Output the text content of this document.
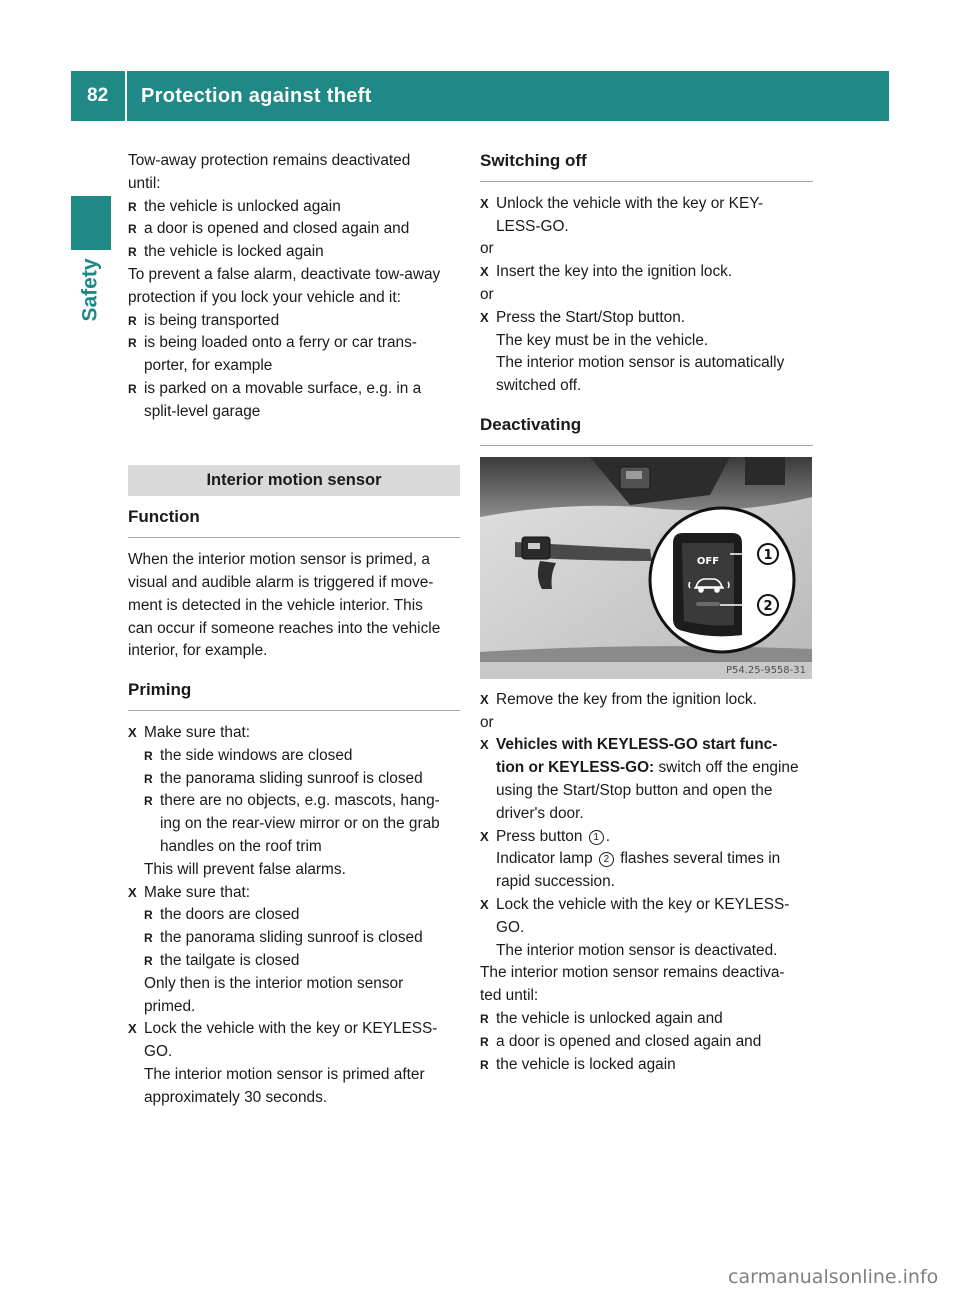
82 Protection against theft
Safety

Tow-away protection remains deactivated
until:

R the vehicle is unlocked again

R a door is opened and closed again and

R the vehicle is locked again

To prevent a false alarm, deactivate tow-away
protection if you lock your vehicle and it:

R is being transported

R is being loaded onto a ferry or car trans-
porter, for example

R is parked on a movable surface, e.g. in a
split-level garage

Interior motion sensor
Function

When the interior motion sensor is primed, a
visual and audible alarm is triggered if move-
ment is detected in the vehicle interior. This
can occur if someone reaches into the vehicle
interior, for example.

Priming

X Make sure that:

R the side windows are closed

R the panorama sliding sunroof is closed

R there are no objects, e.g. mascots, hang-
ing on the rear-view mirror or on the grab
handles on the roof trim

This will prevent false alarms.

X Make sure that:

R the doors are closed

R the panorama sliding sunroof is closed

R the tailgate is closed

Only then is the interior motion sensor
primed.

X Lock the vehicle with the key or KEYLESS-
GO.

The interior motion sensor is primed after
approximately 30 seconds.

Switching off

X Unlock the vehicle with the key or KEY-
LESS-GO.

or

X Insert the key into the ignition lock.

or

X Press the Start/Stop button.

The key must be in the vehicle.
The interior motion sensor is automatically
switched off.

Deactivating
OFF	1
2
P54.25-9558-31

X Remove the key from the ignition lock.

or

X Vehicles with KEYLESS-GO start func-
tion or KEYLESS-GO: switch off the engine
using the Start/Stop button and open the
driver's door.

X Press button 1 .

Indicator lamp 2 flashes several times in
rapid succession.

X Lock the vehicle with the key or KEYLESS-
GO.

The interior motion sensor is deactivated.

The interior motion sensor remains deactiva-
ted until:

R the vehicle is unlocked again and

R a door is opened and closed again and

R the vehicle is locked again

carmanualsonline.info
